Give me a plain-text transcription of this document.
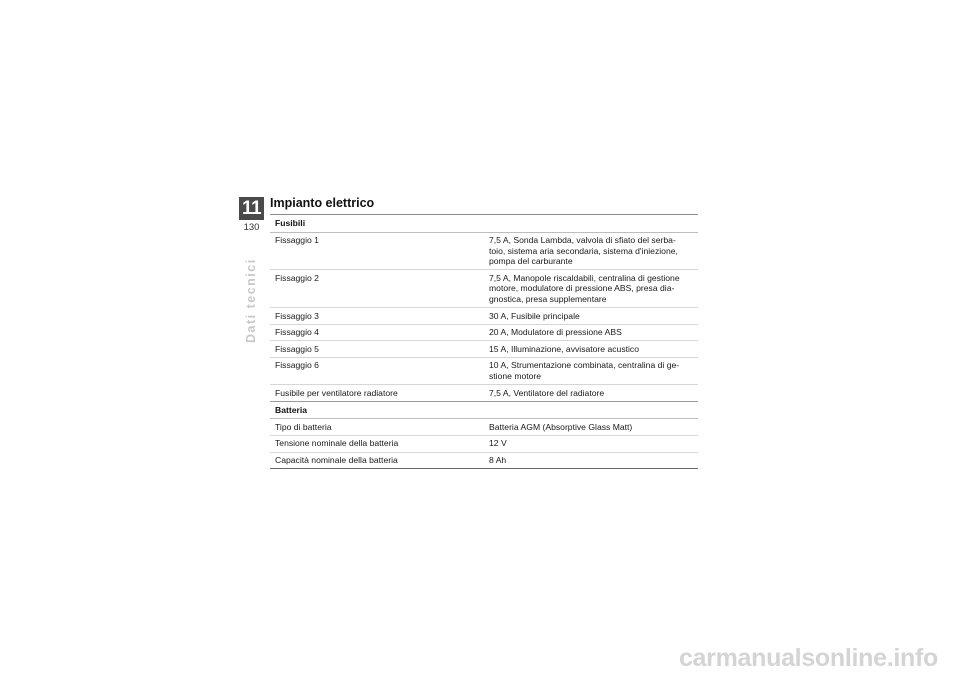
11
130
Dati tecnici
Impianto elettrico
Fusibili
Fissaggio 1	7,5 A, Sonda Lambda, valvola di sfiato del serba-
toio, sistema aria secondaria, sistema d'iniezione,
pompa del carburante
Fissaggio 2	7,5 A, Manopole riscaldabili, centralina di gestione
motore, modulatore di pressione ABS, presa dia-
gnostica, presa supplementare
Fissaggio 3	30 A, Fusibile principale
Fissaggio 4	20 A, Modulatore di pressione ABS
Fissaggio 5	15 A, Illuminazione, avvisatore acustico
Fissaggio 6	10 A, Strumentazione combinata, centralina di ge-
stione motore
Fusibile per ventilatore radiatore	7,5 A, Ventilatore del radiatore
Batteria
Tipo di batteria	Batteria AGM (Absorptive Glass Matt)
Tensione nominale della batteria	12 V
Capacità nominale della batteria	8 Ah
carmanualsonline.info
